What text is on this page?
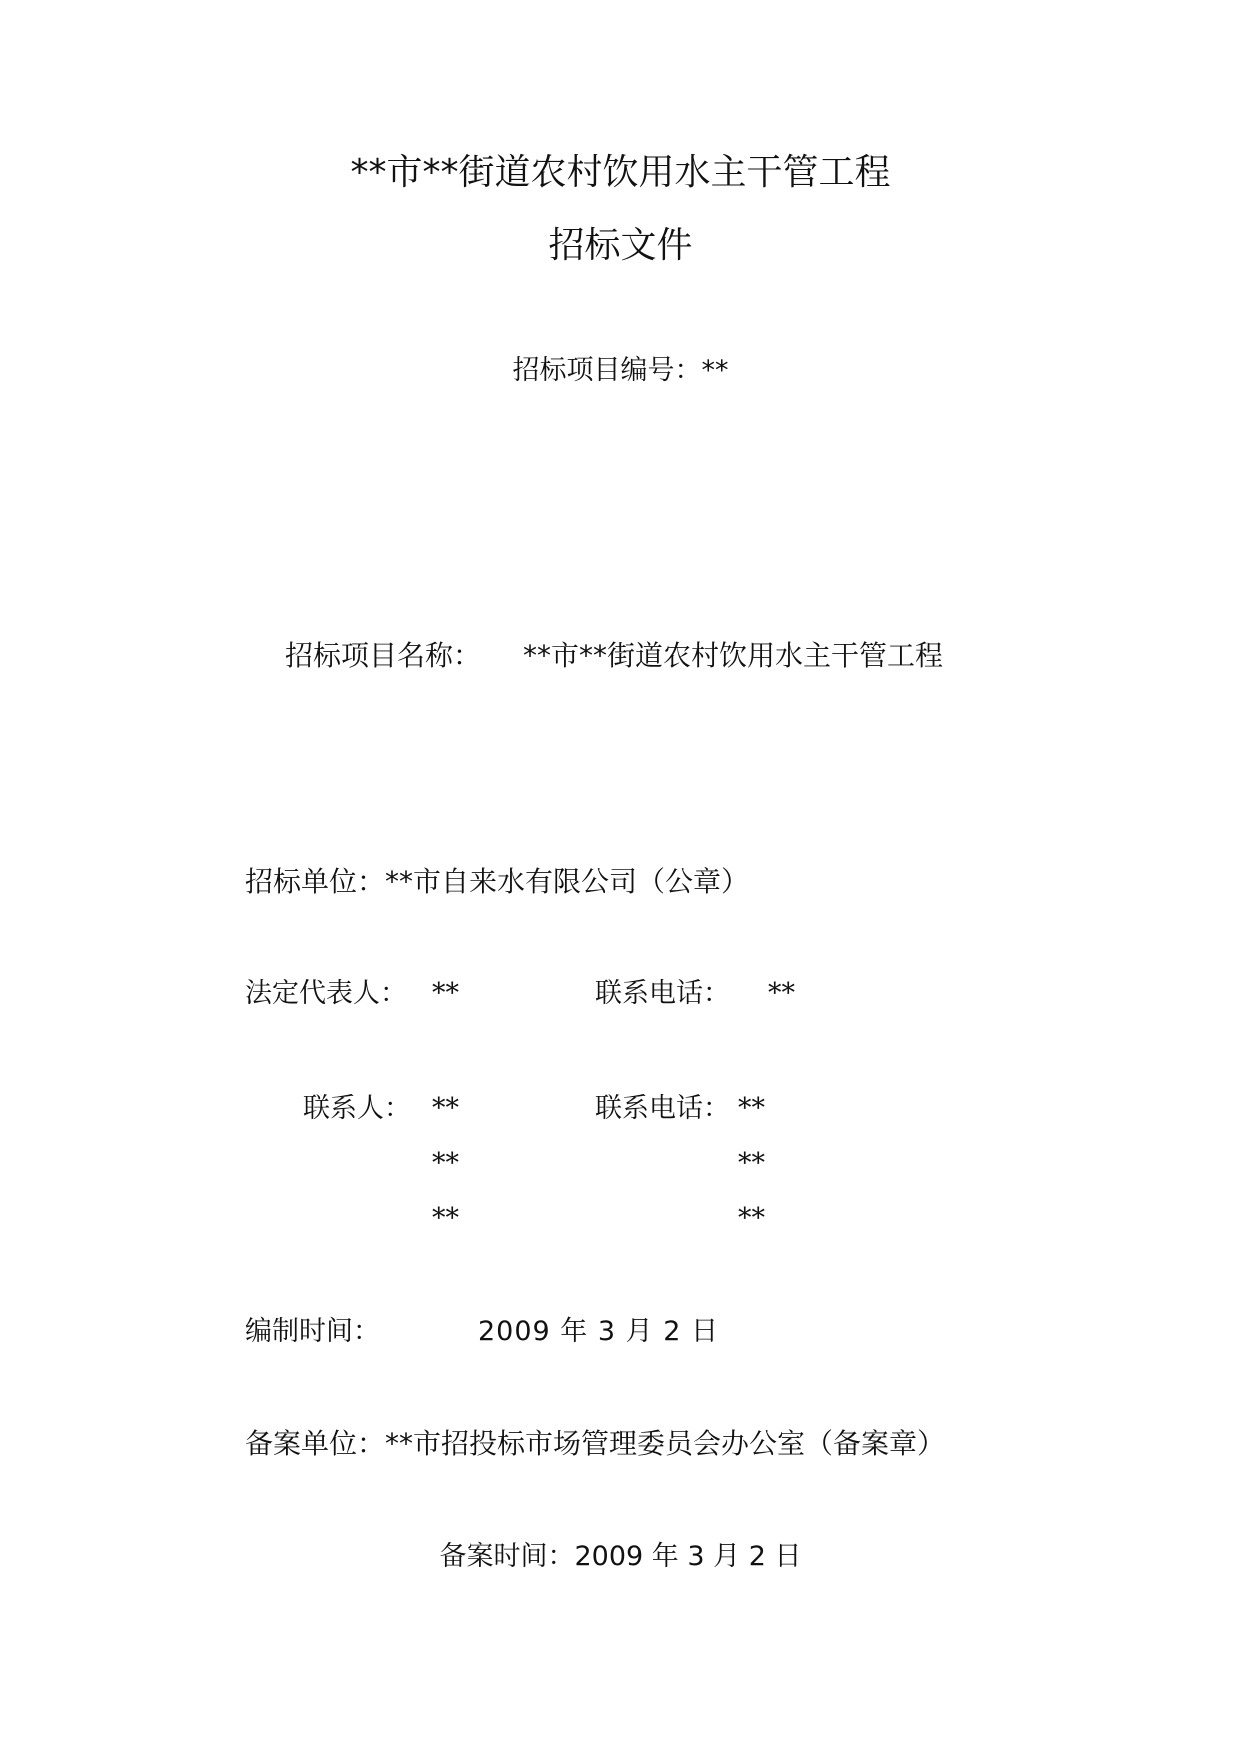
**市**街道农村饮用水主干管工程
招标文件
招标项目编号：**
招标项目名称： **市**街道农村饮用水主干管工程
招标单位：**市自来水有限公司（公章）
法定代表人： **	联系电话： **
联系人： **
**
**
联系电话： **
**
**
编制时间：	2009 年 3 月 2 日
备案单位：**市招投标市场管理委员会办公室（备案章）
备案时间：2009 年 3 月 2 日
